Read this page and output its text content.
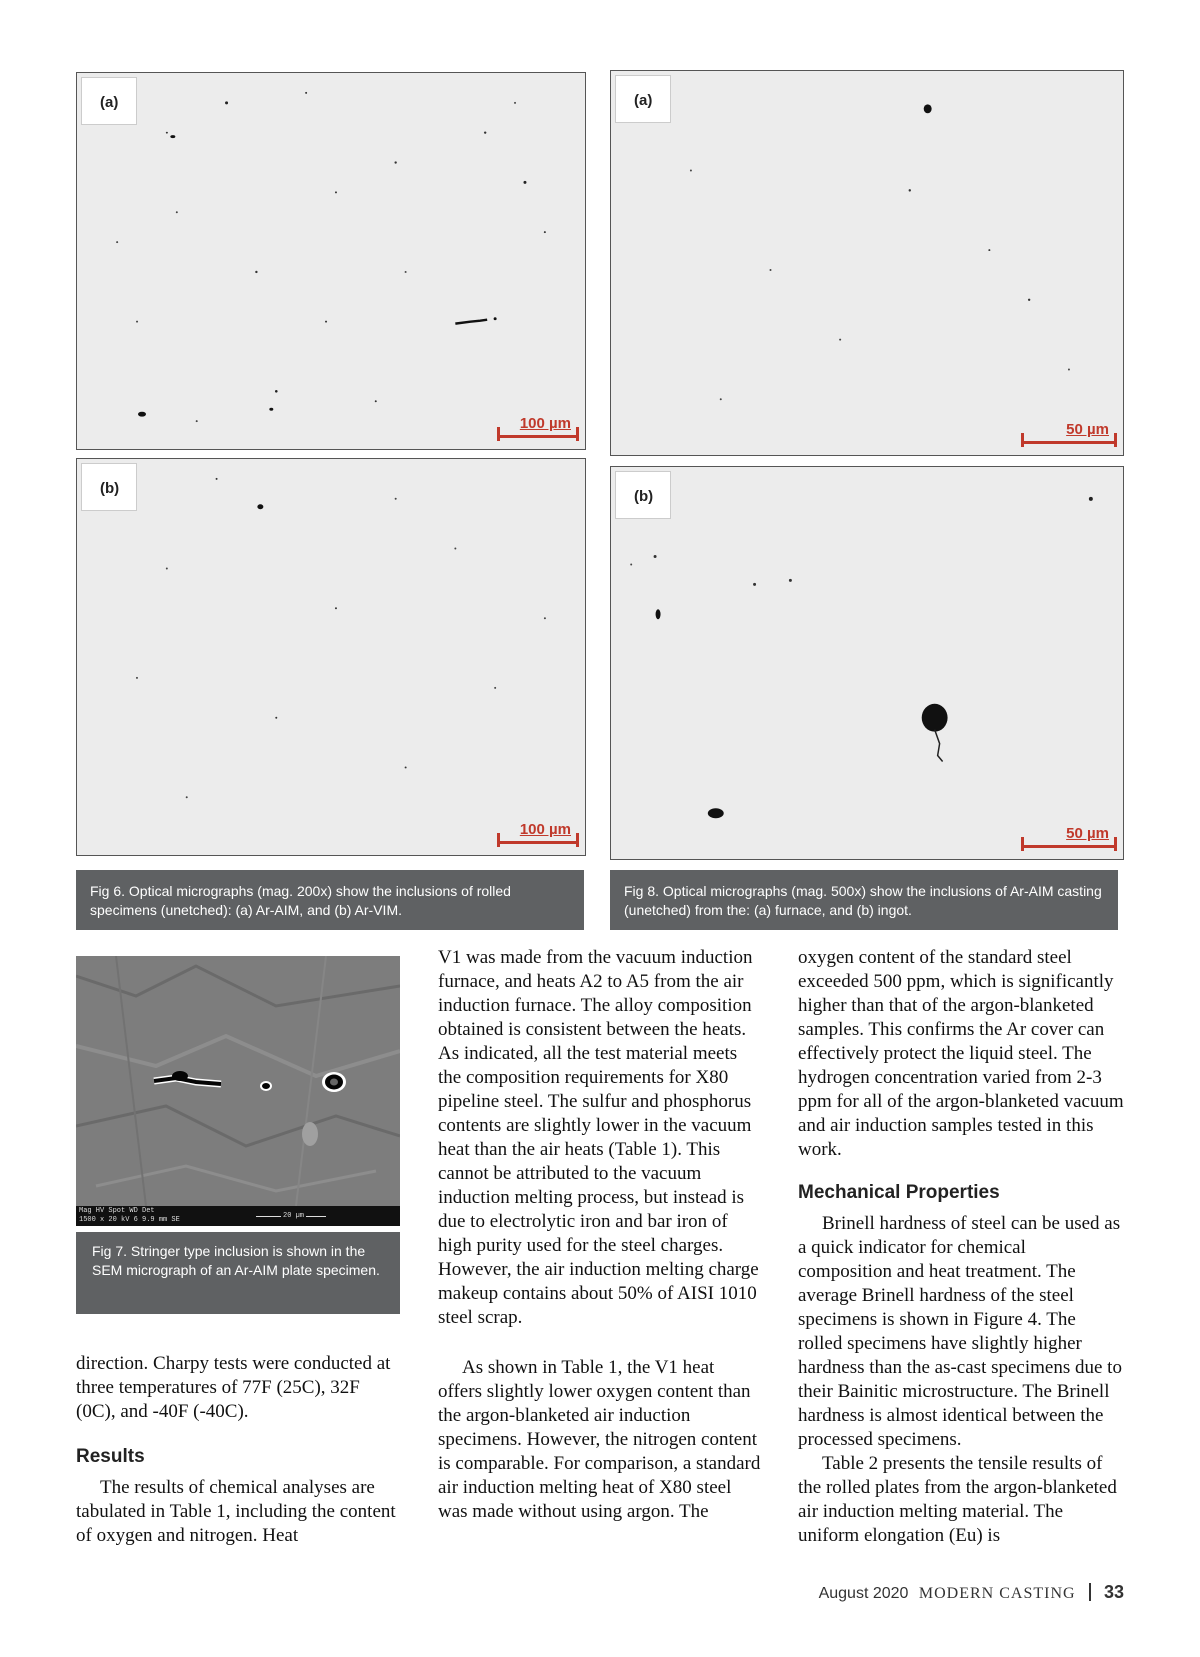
(a)
100 µm
(b)
100 µm
(a)
50 µm
(b)
50 µm
Fig 6. Optical micrographs (mag. 200x) show the inclusions of rolled specimens (unetched): (a) Ar-AIM, and (b) Ar-VIM.
Fig 8. Optical micrographs (mag. 500x) show the inclusions of Ar-AIM casting (unetched) from the: (a) furnace, and (b) ingot.
Mag HV Spot WD Det
1500 x 20 kV 6 9.9 mm SE	20 µm
Fig 7. Stringer type inclusion is shown in the SEM micrograph of an Ar-AIM plate specimen.

direction. Charpy tests were conducted at three temperatures of 77F (25C), 32F (0C), and -40F (-40C).

Results

The results of chemical analyses are tabulated in Table 1, including the content of oxygen and nitrogen. Heat

V1 was made from the vacuum induction furnace, and heats A2 to A5 from the air induction furnace. The alloy composition obtained is consistent between the heats. As indicated, all the test material meets the composition requirements for X80 pipeline steel. The sulfur and phosphorus contents are slightly lower in the vacuum heat than the air heats (Table 1). This cannot be attributed to the vacuum induction melting process, but instead is due to electrolytic iron and bar iron of high purity used for the steel charges. However, the air induction melting charge makeup contains about 50% of AISI 1010 steel scrap.

As shown in Table 1, the V1 heat offers slightly lower oxygen content than the argon-blanketed air induction specimens. However, the nitrogen content is comparable. For comparison, a standard air induction melting heat of X80 steel was made without using argon. The

oxygen content of the standard steel exceeded 500 ppm, which is significantly higher than that of the argon-blanketed samples. This confirms the Ar cover can effectively protect the liquid steel. The hydrogen concentration varied from 2-3 ppm for all of the argon-blanketed vacuum and air induction samples tested in this work.

Mechanical Properties

Brinell hardness of steel can be used as a quick indicator for chemical composition and heat treatment. The average Brinell hardness of the steel specimens is shown in Figure 4. The rolled specimens have slightly higher hardness than the as-cast specimens due to their Bainitic microstructure. The Brinell hardness is almost identical between the processed specimens.

Table 2 presents the tensile results of the rolled plates from the argon-blanketed air induction melting material. The uniform elongation (Eu) is

August 2020 MODERN CASTING 33
